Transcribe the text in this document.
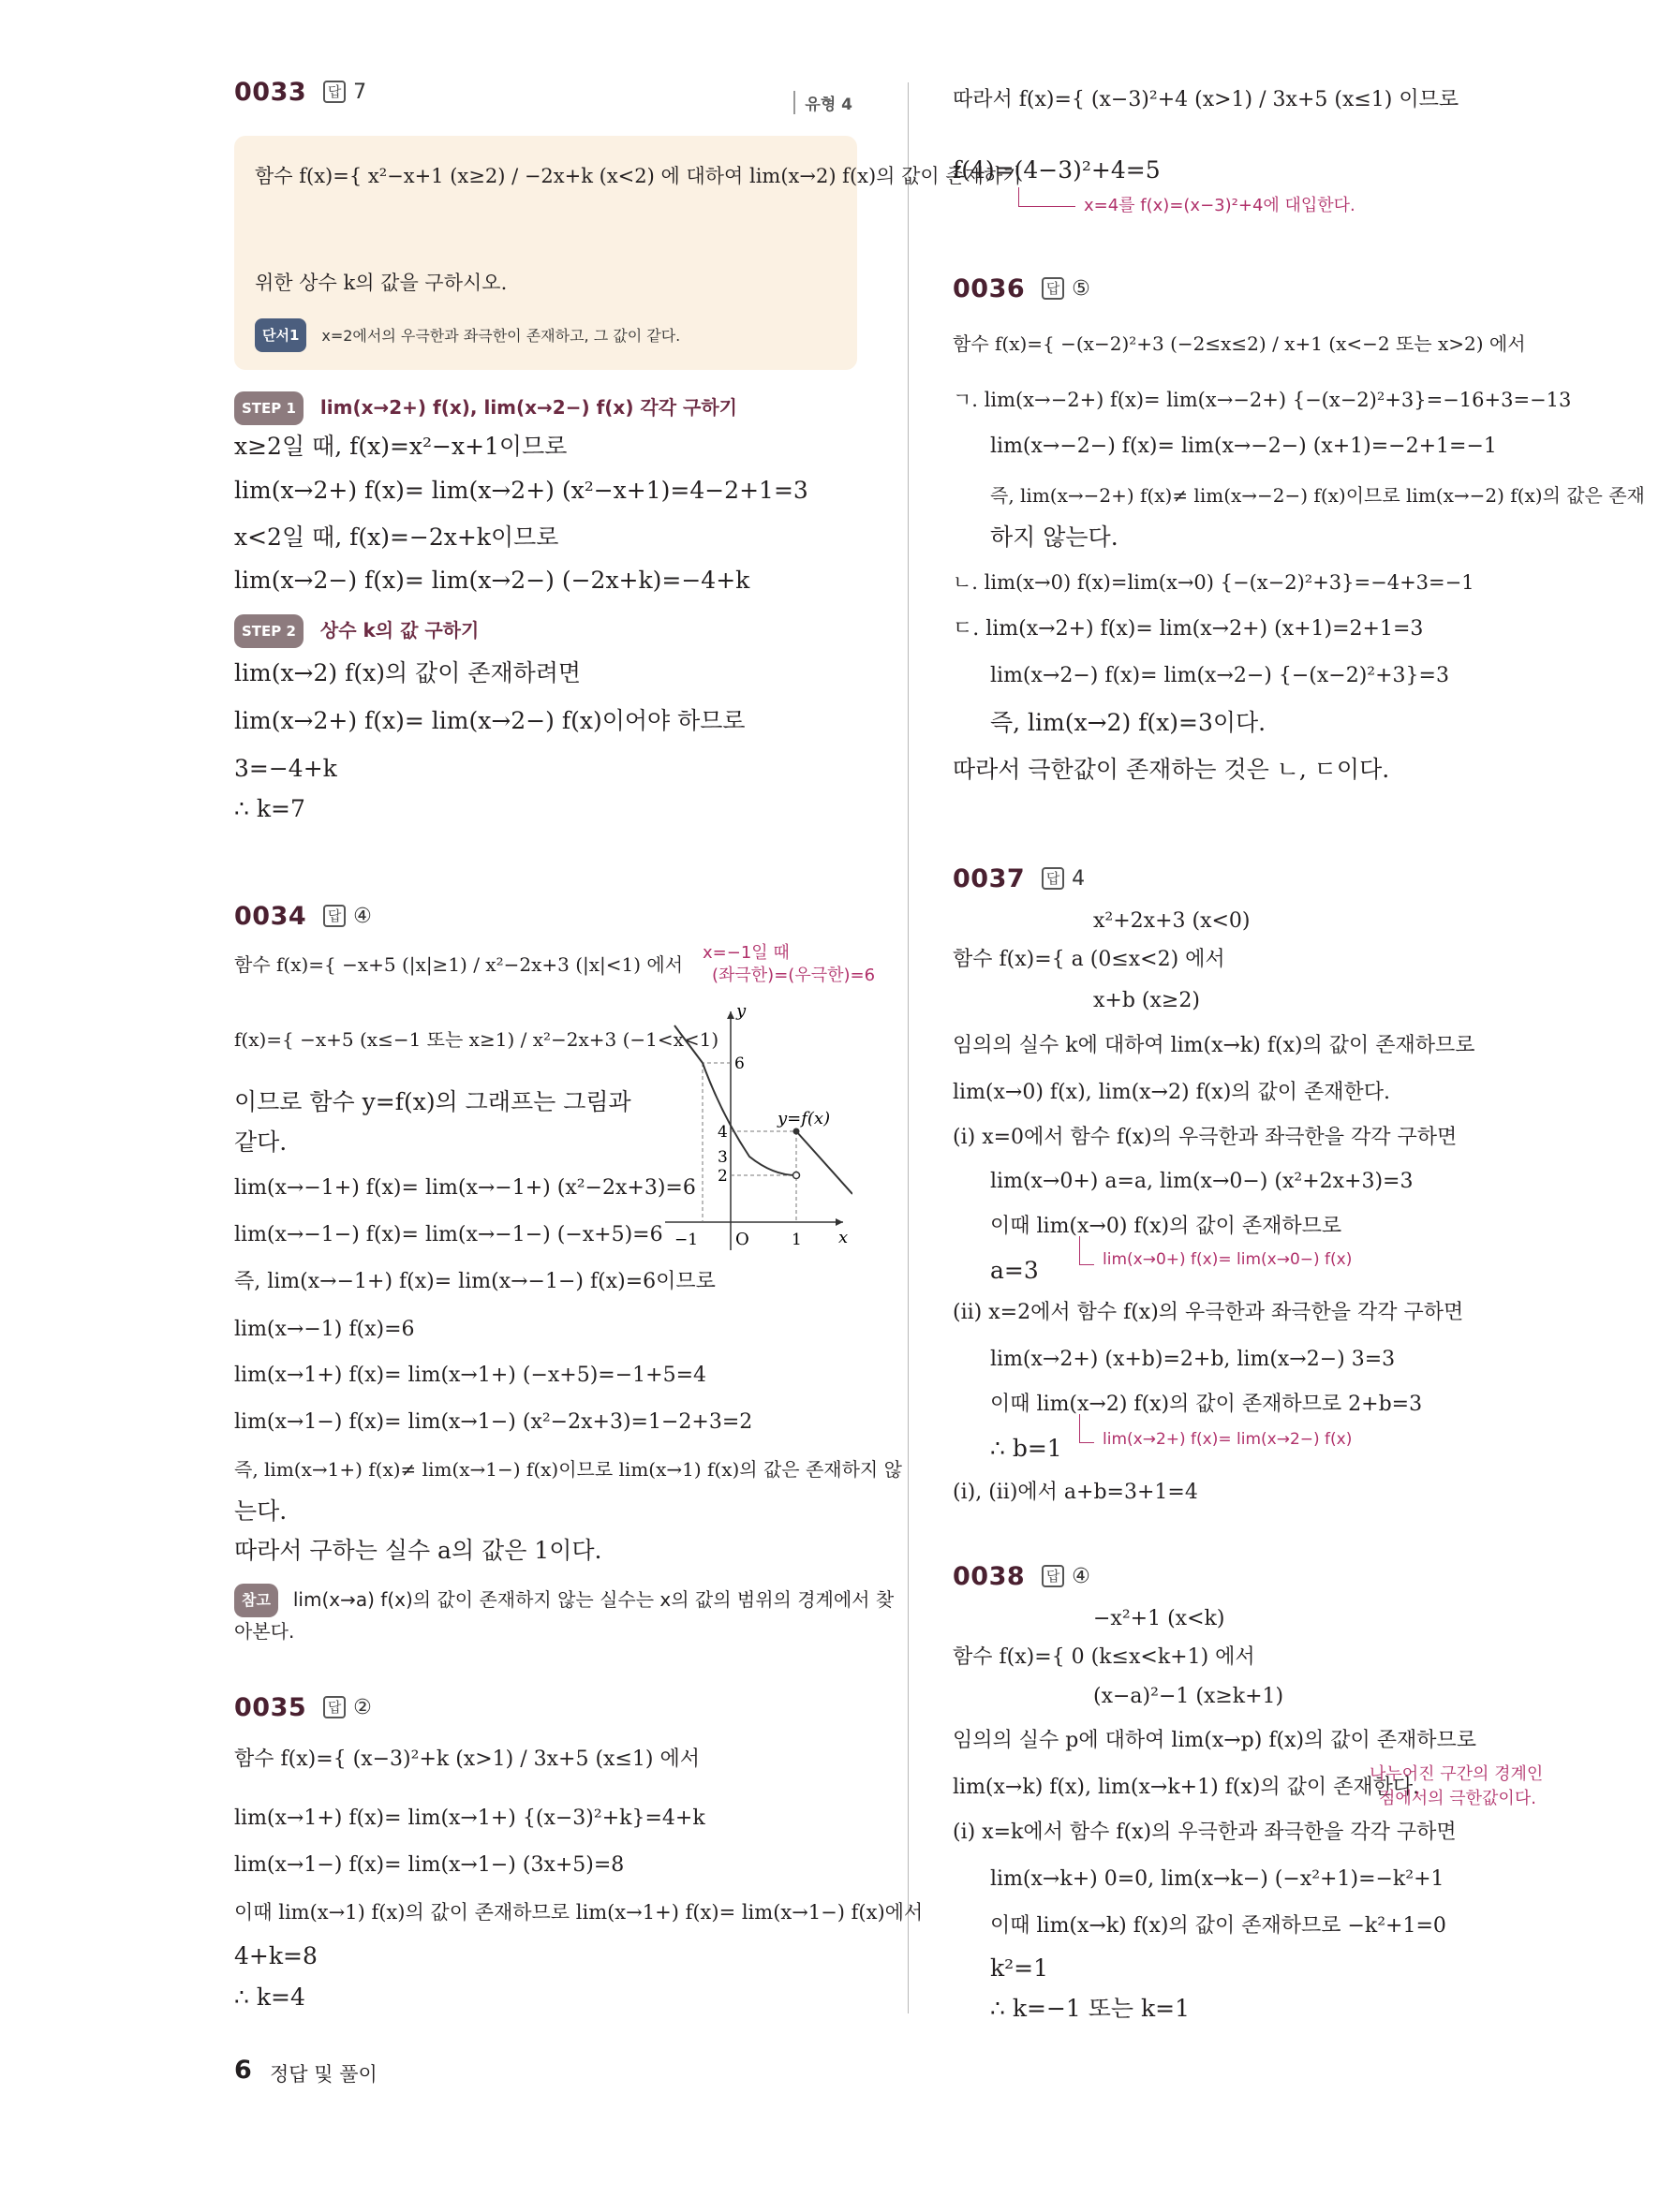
0033	답 7
유형 4
함수 f(x)={ x²−x+1 (x≥2) / −2x+k (x<2) 에 대하여 lim(x→2) f(x)의 값이 존재하기
위한 상수 k의 값을 구하시오.
단서1 x=2에서의 우극한과 좌극한이 존재하고, 그 값이 같다.
STEP 1 lim(x→2+) f(x), lim(x→2−) f(x) 각각 구하기
x≥2일 때, f(x)=x²−x+1이므로
lim(x→2+) f(x)= lim(x→2+) (x²−x+1)=4−2+1=3
x<2일 때, f(x)=−2x+k이므로
lim(x→2−) f(x)= lim(x→2−) (−2x+k)=−4+k
STEP 2 상수 k의 값 구하기
lim(x→2) f(x)의 값이 존재하려면
lim(x→2+) f(x)= lim(x→2−) f(x)이어야 하므로
3=−4+k
∴ k=7
0034	답 ④
함수 f(x)={ −x+5 (|x|≥1) / x²−2x+3 (|x|<1) 에서
f(x)={ −x+5 (x≤−1 또는 x≥1) / x²−2x+3 (−1<x<1)
이므로 함수 y=f(x)의 그래프는 그림과
같다.
x=−1일 때
(좌극한)=(우극한)=6
y
x
O
6
4
3
2
−1	1
y=f(x)
lim(x→−1+) f(x)= lim(x→−1+) (x²−2x+3)=6
lim(x→−1−) f(x)= lim(x→−1−) (−x+5)=6
즉, lim(x→−1+) f(x)= lim(x→−1−) f(x)=6이므로
lim(x→−1) f(x)=6
lim(x→1+) f(x)= lim(x→1+) (−x+5)=−1+5=4
lim(x→1−) f(x)= lim(x→1−) (x²−2x+3)=1−2+3=2
즉, lim(x→1+) f(x)≠ lim(x→1−) f(x)이므로 lim(x→1) f(x)의 값은 존재하지 않
는다.
따라서 구하는 실수 a의 값은 1이다.
참고 lim(x→a) f(x)의 값이 존재하지 않는 실수는 x의 값의 범위의 경계에서 찾
아본다.
0035	답 ②
함수 f(x)={ (x−3)²+k (x>1) / 3x+5 (x≤1) 에서
lim(x→1+) f(x)= lim(x→1+) {(x−3)²+k}=4+k
lim(x→1−) f(x)= lim(x→1−) (3x+5)=8
이때 lim(x→1) f(x)의 값이 존재하므로 lim(x→1+) f(x)= lim(x→1−) f(x)에서
4+k=8
∴ k=4
따라서 f(x)={ (x−3)²+4 (x>1) / 3x+5 (x≤1) 이므로
f(4)=(4−3)²+4=5
x=4를 f(x)=(x−3)²+4에 대입한다.
0036	답 ⑤
함수 f(x)={ −(x−2)²+3 (−2≤x≤2) / x+1 (x<−2 또는 x>2) 에서
ㄱ. lim(x→−2+) f(x)= lim(x→−2+) {−(x−2)²+3}=−16+3=−13
lim(x→−2−) f(x)= lim(x→−2−) (x+1)=−2+1=−1
즉, lim(x→−2+) f(x)≠ lim(x→−2−) f(x)이므로 lim(x→−2) f(x)의 값은 존재
하지 않는다.
ㄴ. lim(x→0) f(x)=lim(x→0) {−(x−2)²+3}=−4+3=−1
ㄷ. lim(x→2+) f(x)= lim(x→2+) (x+1)=2+1=3
lim(x→2−) f(x)= lim(x→2−) {−(x−2)²+3}=3
즉, lim(x→2) f(x)=3이다.
따라서 극한값이 존재하는 것은 ㄴ, ㄷ이다.
0037	답 4
x²+2x+3 (x<0)
함수 f(x)={ a (0≤x<2) 에서
x+b (x≥2)
임의의 실수 k에 대하여 lim(x→k) f(x)의 값이 존재하므로
lim(x→0) f(x), lim(x→2) f(x)의 값이 존재한다.
(i) x=0에서 함수 f(x)의 우극한과 좌극한을 각각 구하면
lim(x→0+) a=a, lim(x→0−) (x²+2x+3)=3
이때 lim(x→0) f(x)의 값이 존재하므로
a=3	lim(x→0+) f(x)= lim(x→0−) f(x)
(ii) x=2에서 함수 f(x)의 우극한과 좌극한을 각각 구하면
lim(x→2+) (x+b)=2+b, lim(x→2−) 3=3
이때 lim(x→2) f(x)의 값이 존재하므로 2+b=3
∴ b=1	lim(x→2+) f(x)= lim(x→2−) f(x)
(i), (ii)에서 a+b=3+1=4
0038	답 ④
−x²+1 (x<k)
함수 f(x)={ 0 (k≤x<k+1) 에서
(x−a)²−1 (x≥k+1)
임의의 실수 p에 대하여 lim(x→p) f(x)의 값이 존재하므로
lim(x→k) f(x), lim(x→k+1) f(x)의 값이 존재한다.
나누어진 구간의 경계인
점에서의 극한값이다.
(i) x=k에서 함수 f(x)의 우극한과 좌극한을 각각 구하면
lim(x→k+) 0=0, lim(x→k−) (−x²+1)=−k²+1
이때 lim(x→k) f(x)의 값이 존재하므로 −k²+1=0
k²=1
∴ k=−1 또는 k=1
6 정답 및 풀이
